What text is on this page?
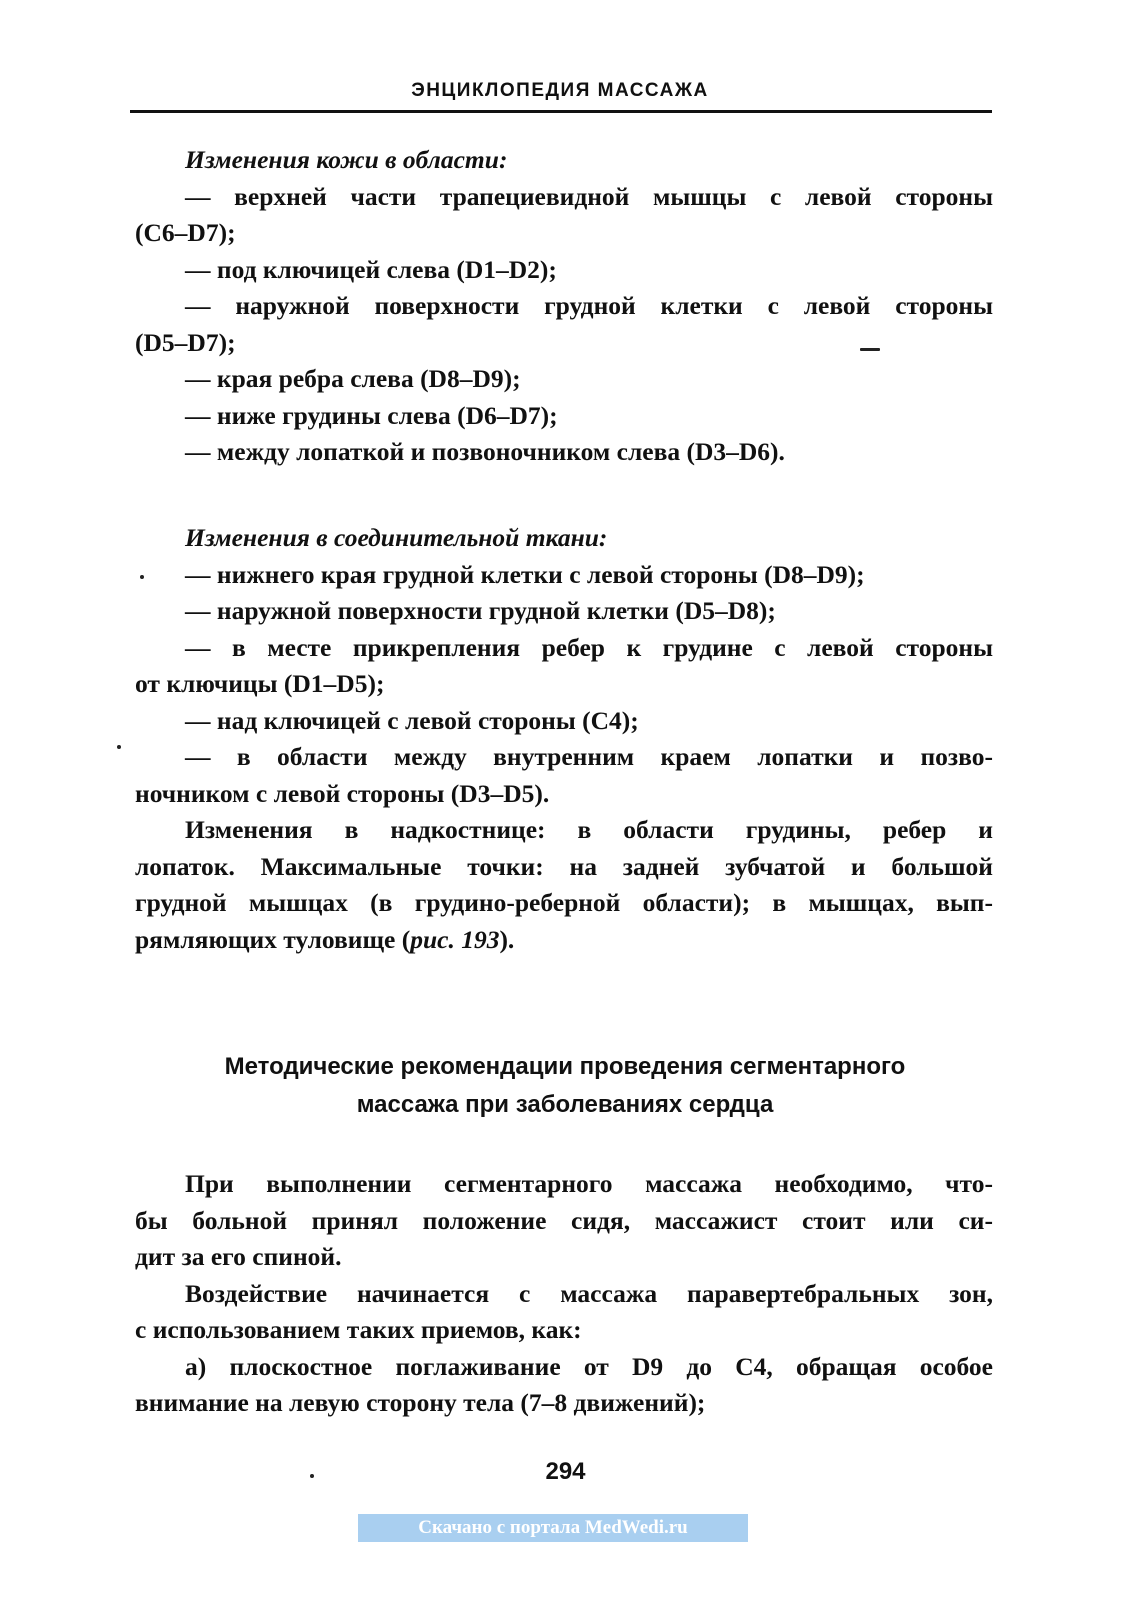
ЭНЦИКЛОПЕДИЯ МАССАЖА
Изменения кожи в области:
— верхней части трапециевидной мышцы с левой стороны
(C6–D7);
— под ключицей слева (D1–D2);
— наружной поверхности грудной клетки с левой стороны
(D5–D7);
— края ребра слева (D8–D9);
— ниже грудины слева (D6–D7);
— между лопаткой и позвоночником слева (D3–D6).
Изменения в соединительной ткани:
— нижнего края грудной клетки с левой стороны (D8–D9);
— наружной поверхности грудной клетки (D5–D8);
— в месте прикрепления ребер к грудине с левой стороны
от ключицы (D1–D5);
— над ключицей с левой стороны (C4);
— в области между внутренним краем лопатки и позво-
ночником с левой стороны (D3–D5).
Изменения в надкостнице: в области грудины, ребер и
лопаток. Максимальные точки: на задней зубчатой и большой
грудной мышцах (в грудино-реберной области); в мышцах, вып-
рямляющих туловище (рис. 193).
Методические рекомендации проведения сегментарного
массажа при заболеваниях сердца
При выполнении сегментарного массажа необходимо, что-
бы больной принял положение сидя, массажист стоит или си-
дит за его спиной.
Воздействие начинается с массажа паравертебральных зон,
с использованием таких приемов, как:
а) плоскостное поглаживание от D9 до C4, обращая особое
внимание на левую сторону тела (7–8 движений);
294
Скачано с портала MedWedi.ru
